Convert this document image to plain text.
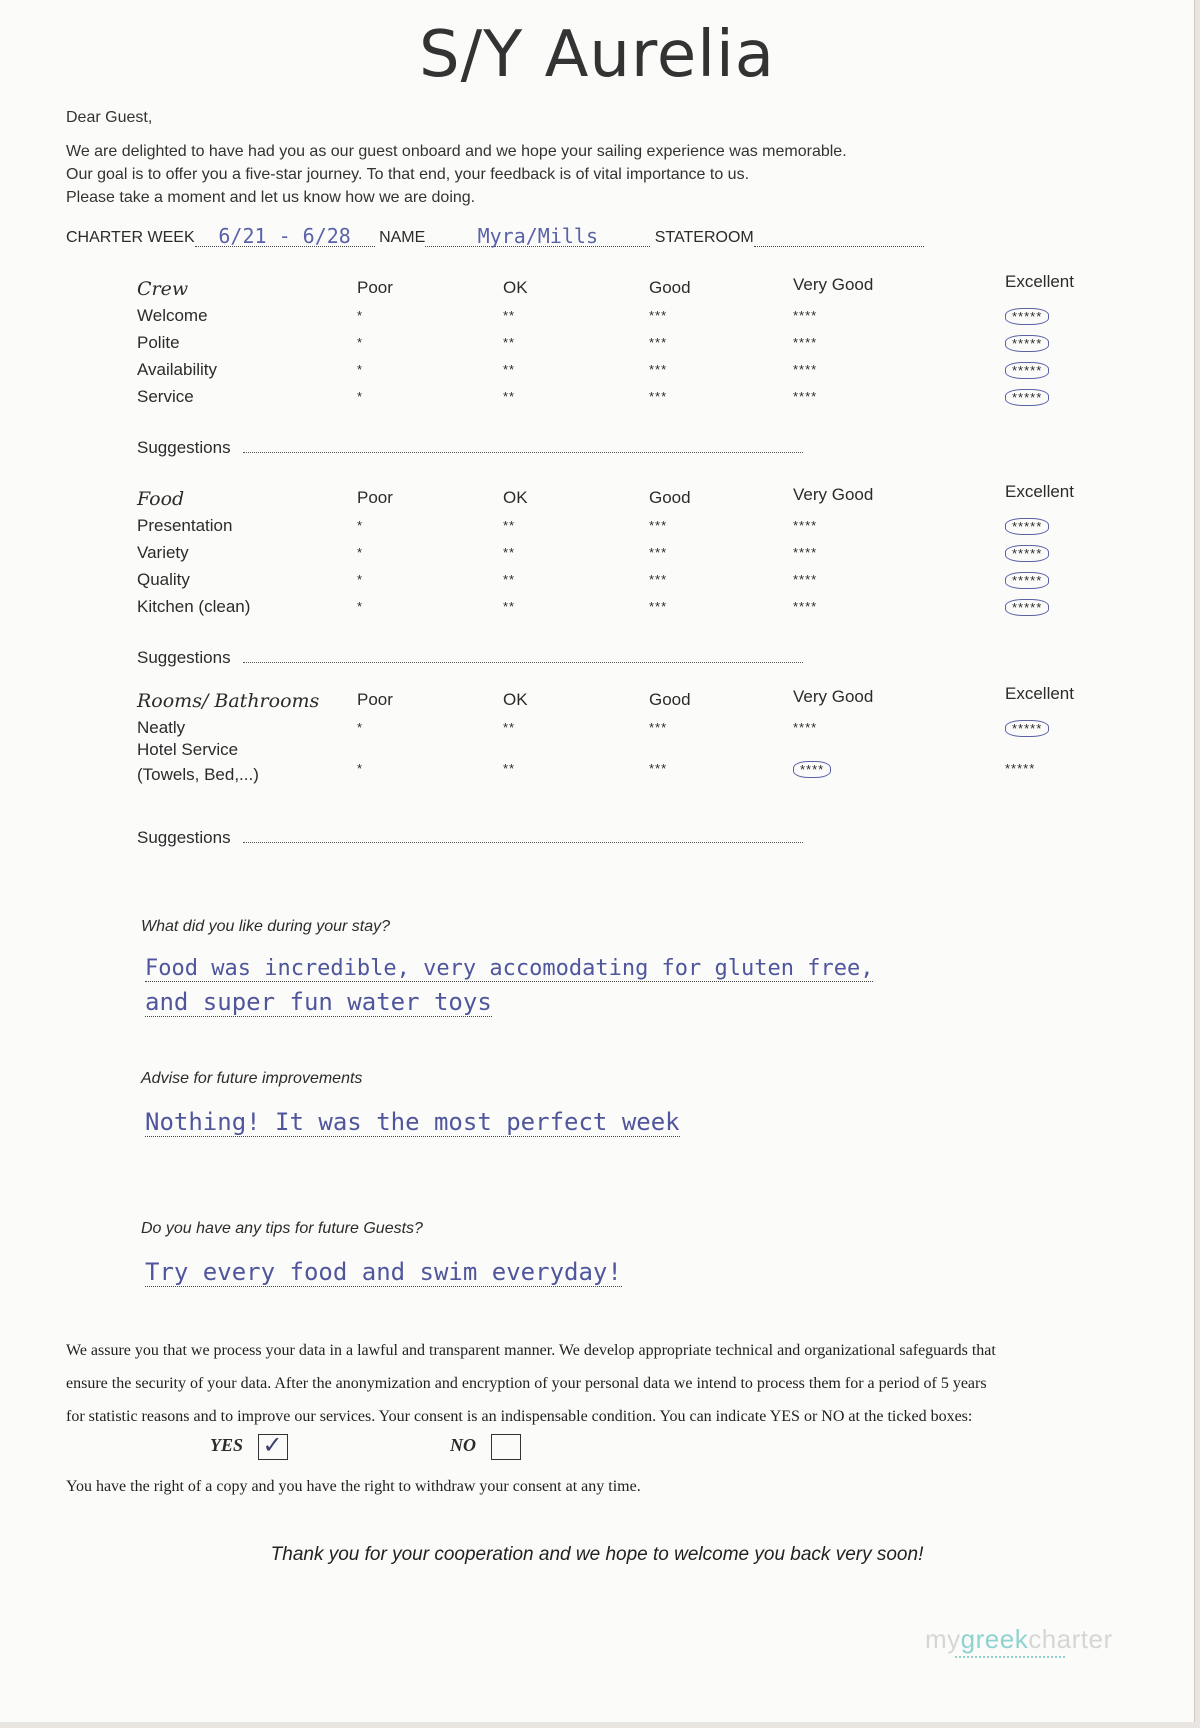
S/Y Aurelia
Dear Guest,
We are delighted to have had you as our guest onboard and we hope your sailing experience was memorable.
Our goal is to offer you a five-star journey. To that end, your feedback is of vital importance to us.
Please take a moment and let us know how we are doing.
CHARTER WEEK 6/21 - 6/28 NAME	Myra/Mills	STATEROOM
Crew	Poor	OK	Good	Very Good	Excellent
Welcome	*	**	***	****	*****
Polite	*	**	***	****	*****
Availability	*	**	***	****	*****
Service	*	**	***	****	*****
Suggestions
Food	Poor	OK	Good	Very Good	Excellent
Presentation	*	**	***	****	*****
Variety	*	**	***	****	*****
Quality	*	**	***	****	*****
Kitchen (clean)	*	**	***	****	*****
Suggestions
Rooms/ Bathrooms Poor	OK	Good	Very Good	Excellent
Neatly	*	**	***	****	*****
Hotel Service
(Towels, Bed,...)	*	**	***	****	*****
Suggestions
What did you like during your stay?
Food was incredible, very accomodating for gluten free,
and super fun water toys
Advise for future improvements
Nothing! It was the most perfect week
Do you have any tips for future Guests?
Try every food and swim everyday!
We assure you that we process your data in a lawful and transparent manner. We develop appropriate technical and organizational safeguards that
ensure the security of your data. After the anonymization and encryption of your personal data we intend to process them for a period of 5 years
for statistic reasons and to improve our services. Your consent is an indispensable condition. You can indicate YES or NO at the ticked boxes:
YES ✓	NO
You have the right of a copy and you have the right to withdraw your consent at any time.
Thank you for your cooperation and we hope to welcome you back very soon!
mygreekcharter
